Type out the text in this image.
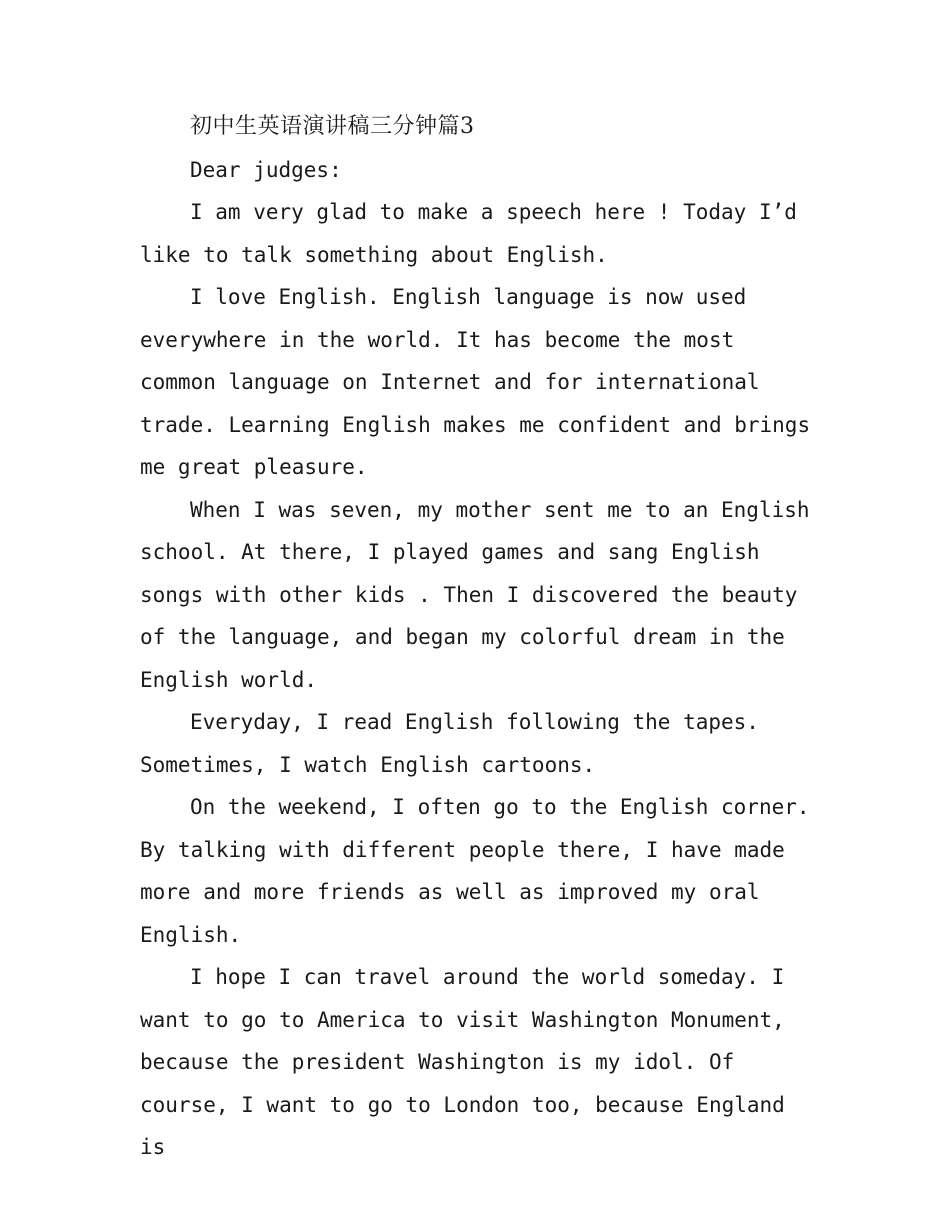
初中生英语演讲稿三分钟篇3

Dear judges:

I am very glad to make a speech here ! Today I’d like to talk something about English.

I love English. English language is now used everywhere in the world. It has become the most common language on Internet and for international trade. Learning English makes me confident and brings me great pleasure.

When I was seven, my mother sent me to an English school. At there, I played games and sang English songs with other kids . Then I discovered the beauty of the language, and began my colorful dream in the English world.

Everyday, I read English following the tapes. Sometimes, I watch English cartoons.

On the weekend, I often go to the English corner. By talking with different people there, I have made more and more friends as well as improved my oral English.

I hope I can travel around the world someday. I want to go to America to visit Washington Monument, because the president Washington is my idol. Of course, I want to go to London too, because England is
